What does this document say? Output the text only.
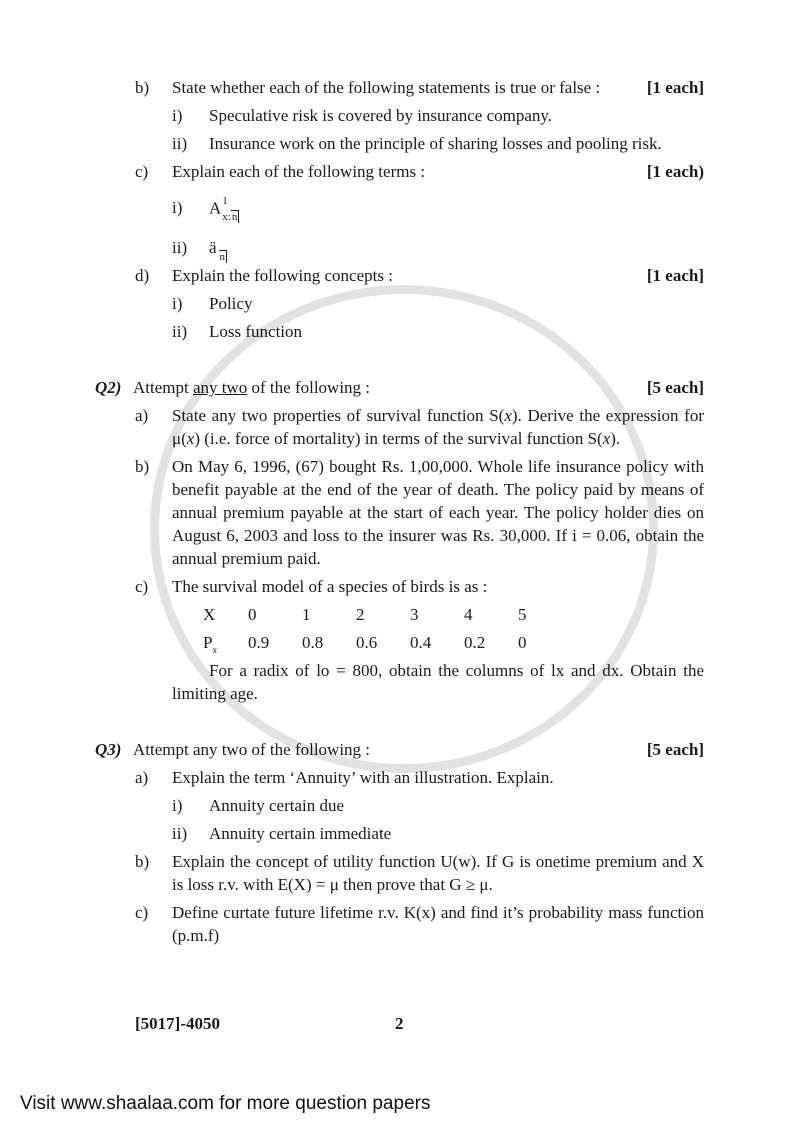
b)	State whether each of the following statements is true or false :	[1 each]
i)	Speculative risk is covered by insurance company.
ii)	Insurance work on the principle of sharing losses and pooling risk.
c)	Explain each of the following terms :	[1 each)
i)	A 1
x:n
ii)	ä $_n$
d)	Explain the following concepts :	[1 each]
i)	Policy
ii)	Loss function
Q2) Attempt any two of the following :	[5 each]
a)	State any two properties of survival function S(x). Derive the expression for μ(x) (i.e. force of mortality) in terms of the survival function S(x).
b)	On May 6, 1996, (67) bought Rs. 1,00,000. Whole life insurance policy with benefit payable at the end of the year of death. The policy paid by means of annual premium payable at the start of each year. The policy holder dies on August 6, 2003 and loss to the insurer was Rs. 30,000. If i = 0.06, obtain the annual premium paid.
c)	The survival model of a species of birds is as :
X	0	1	2	3	4	5
$P_x$	0.9	0.8	0.6	0.4	0.2	0
For a radix of lo = 800, obtain the columns of lx and dx. Obtain the limiting age.
Q3) Attempt any two of the following :	[5 each]
a)	Explain the term ‘Annuity’ with an illustration. Explain.
i)	Annuity certain due
ii)	Annuity certain immediate
b)	Explain the concept of utility function U(w). If G is onetime premium and X is loss r.v. with E(X) = μ then prove that G ≥ μ.
c)	Define curtate future lifetime r.v. K(x) and find it’s probability mass function (p.m.f)
[5017]-4050	2
Visit www.shaalaa.com for more question papers
